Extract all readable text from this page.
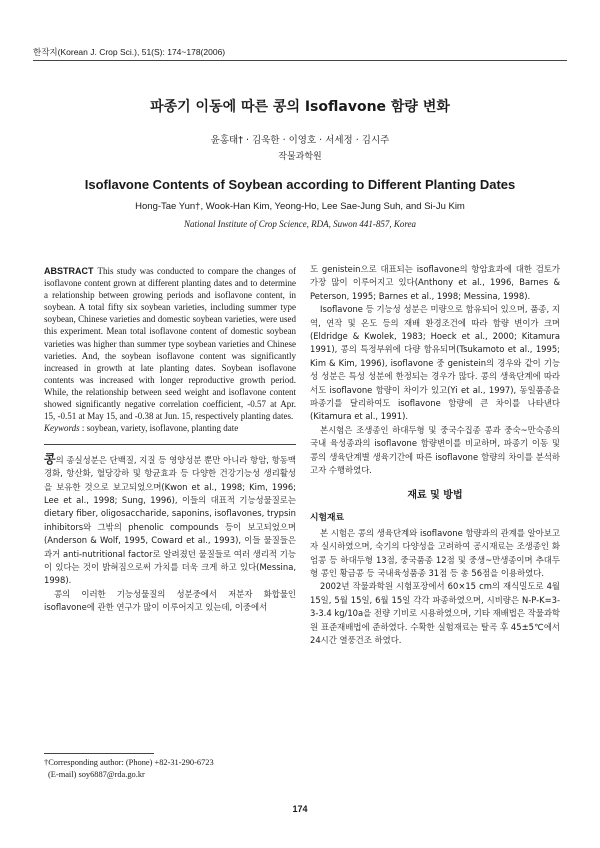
한작지(Korean J. Crop Sci.), 51(S): 174~178(2006)
파종기 이동에 따른 콩의 Isoflavone 함량 변화
윤홍태† · 김욱한 · 이영호 · 서세정 · 김시주
작물과학원
Isoflavone Contents of Soybean according to Different Planting Dates
Hong-Tae Yun†, Wook-Han Kim, Yeong-Ho, Lee Sae-Jung Suh, and Si-Ju Kim
National Institute of Crop Science, RDA, Suwon 441-857, Korea

ABSTRACT This study was conducted to compare the changes of isoflavone content grown at different planting dates and to determine a relationship between growing periods and isoflavone content, in soybean. A total fifty six soybean varieties, including summer type soybean, Chinese varieties and domestic soybean varieties, were used this experiment. Mean total isoflavone content of domestic soybean varieties was higher than summer type soybean varieties and Chinese varieties. And, the soybean isoflavone content was significantly increased in growth at late planting dates. Soybean isoflavone contents was increased with longer reproductive growth period. While, the relationship between seed weight and isoflavone content showed significantly negative correlation coefficient, -0.57 at Apr. 15, -0.51 at May 15, and -0.38 at Jun. 15, respectively planting dates.

Keywords : soybean, variety, isoflavone, planting date

콩의 종실성분은 단백질, 지질 등 영양성분 뿐만 아니라 항암, 항동맥경화, 항산화, 혈당강하 및 항균효과 등 다양한 건강기능성 생리활성을 보유한 것으로 보고되었으며(Kwon et al., 1998; Kim, 1996; Lee et al., 1998; Sung, 1996), 이들의 대표적 기능성물질로는 dietary fiber, oligosaccharide, saponins, isoflavones, trypsin inhibitors와 그밖의 phenolic compounds 등이 보고되었으며(Anderson & Wolf, 1995, Coward et al., 1993), 이들 물질들은 과거 anti-nutritional factor로 알려졌던 물질들로 여러 생리적 기능이 있다는 것이 밝혀짐으로써 가치를 더욱 크게 하고 있다(Messina, 1998).

콩의 이러한 기능성물질의 성분중에서 저분자 화합물인 isoflavone에 관한 연구가 많이 이루어지고 있는데, 이중에서

도 genistein으로 대표되는 isoflavone의 항암효과에 대한 검토가 가장 많이 이루어지고 있다(Anthony et al., 1996, Barnes & Peterson, 1995; Barnes et al., 1998; Messina, 1998).

Isoflavone 등 기능성 성분은 미량으로 함유되어 있으며, 품종, 지역, 연작 및 온도 등의 재배 환경조건에 따라 함량 변이가 크며(Eldridge & Kwolek, 1983; Hoeck et al., 2000; Kitamura 1991), 콩의 특정부위에 다량 함유되며(Tsukamoto et al., 1995; Kim & Kim, 1996), isoflavone 중 genistein의 경우와 같이 기능성 성분은 특성 성분에 한정되는 경우가 많다. 콩의 생육단계에 따라서도 isoflavone 함량이 차이가 있고(Yi et al., 1997), 동일품종을 파종기를 달리하여도 isoflavone 함량에 큰 차이를 나타낸다(Kitamura et al., 1991).

본시험은 조생종인 하대두형 및 중국수집종 콩과 중숙~만숙종의 국내 육성종과의 isoflavone 함량변이를 비교하며, 파종기 이동 및 콩의 생육단계별 생육기간에 따른 isoflavone 함량의 차이를 분석하고자 수행하였다.

재료 및 방법
시험재료

본 시험은 콩의 생육단계와 isoflavone 함량과의 관계를 알아보고자 실시하였으며, 숙기의 다양성을 고려하여 공시재료는 조생종인 화엄콩 등 하대두형 13점, 중국품종 12점 및 중생~만생종이며 추대두형 콩인 황금콩 등 국내육성품종 31점 등 총 56점을 이용하였다.

2002년 작물과학원 시험포장에서 60×15 cm의 재식밀도로 4월 15일, 5월 15일, 6월 15일 각각 파종하였으며, 시비량은 N-P-K=3-3-3.4 kg/10a을 전량 기비로 시용하였으며, 기타 재배법은 작물과학원 표준재배법에 준하였다. 수확한 실험재료는 탈곡 후 45±5℃에서 24시간 열풍건조 하였다.

†Corresponding author: (Phone) +82-31-290-6723
(E-mail) soy6887@rda.go.kr
174
